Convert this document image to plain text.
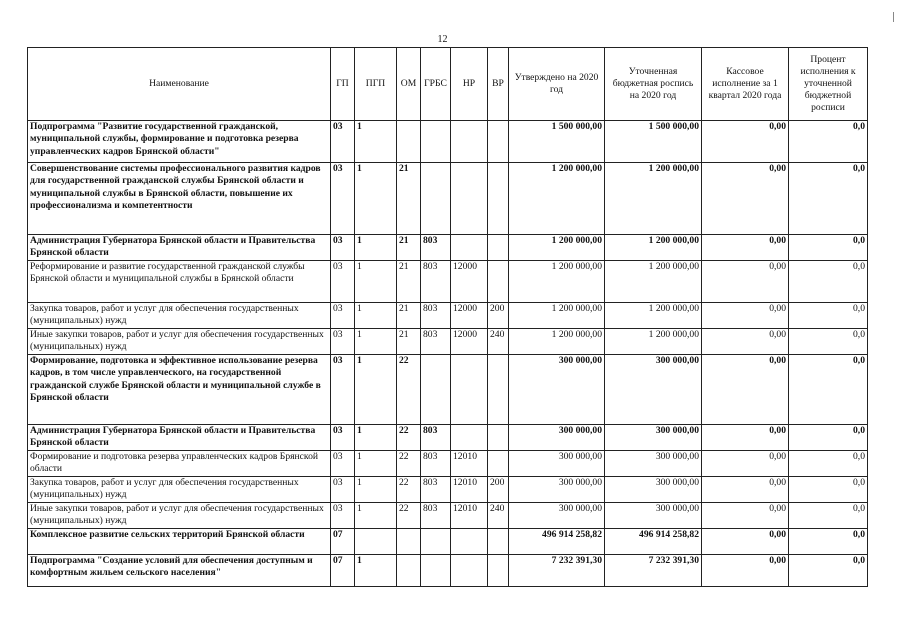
12
Наименование	ГП	ПГП	ОМ	ГРБС	НР	ВР	Утверждено на 2020 год	Уточненная бюджетная роспись на 2020 год	Кассовое исполнение за 1 квартал 2020 года	Процент исполнения к уточненной бюджетной росписи
Подпрограмма "Развитие государственной гражданской, муниципальной службы, формирование и подготовка резерва управленческих кадров Брянской области"	03	1					1 500 000,00	1 500 000,00	0,00	0,0
Совершенствование системы профессионального развития кадров для государственной гражданской службы Брянской области и муниципальной службы в Брянской области, повышение их профессионализма и компетентности	03	1	21				1 200 000,00	1 200 000,00	0,00	0,0
Администрация Губернатора Брянской области и Правительства Брянской области	03	1	21	803			1 200 000,00	1 200 000,00	0,00	0,0
Реформирование и развитие государственной гражданской службы Брянской области и муниципальной службы в Брянской области	03	1	21	803	12000		1 200 000,00	1 200 000,00	0,00	0,0
Закупка товаров, работ и услуг для обеспечения государственных (муниципальных) нужд	03	1	21	803	12000	200	1 200 000,00	1 200 000,00	0,00	0,0
Иные закупки товаров, работ и услуг для обеспечения государственных (муниципальных) нужд	03	1	21	803	12000	240	1 200 000,00	1 200 000,00	0,00	0,0
Формирование, подготовка и эффективное использование резерва кадров, в том числе управленческого, на государственной гражданской службе Брянской области и муниципальной службе в Брянской области	03	1	22				300 000,00	300 000,00	0,00	0,0
Администрация Губернатора Брянской области и Правительства Брянской области	03	1	22	803			300 000,00	300 000,00	0,00	0,0
Формирование и подготовка резерва управленческих кадров Брянской области	03	1	22	803	12010		300 000,00	300 000,00	0,00	0,0
Закупка товаров, работ и услуг для обеспечения государственных (муниципальных) нужд	03	1	22	803	12010	200	300 000,00	300 000,00	0,00	0,0
Иные закупки товаров, работ и услуг для обеспечения государственных (муниципальных) нужд	03	1	22	803	12010	240	300 000,00	300 000,00	0,00	0,0
Комплексное развитие сельских территорий Брянской области	07						496 914 258,82	496 914 258,82	0,00	0,0
Подпрограмма "Создание условий для обеспечения доступным и комфортным жильем сельского населения"	07	1					7 232 391,30	7 232 391,30	0,00	0,0
